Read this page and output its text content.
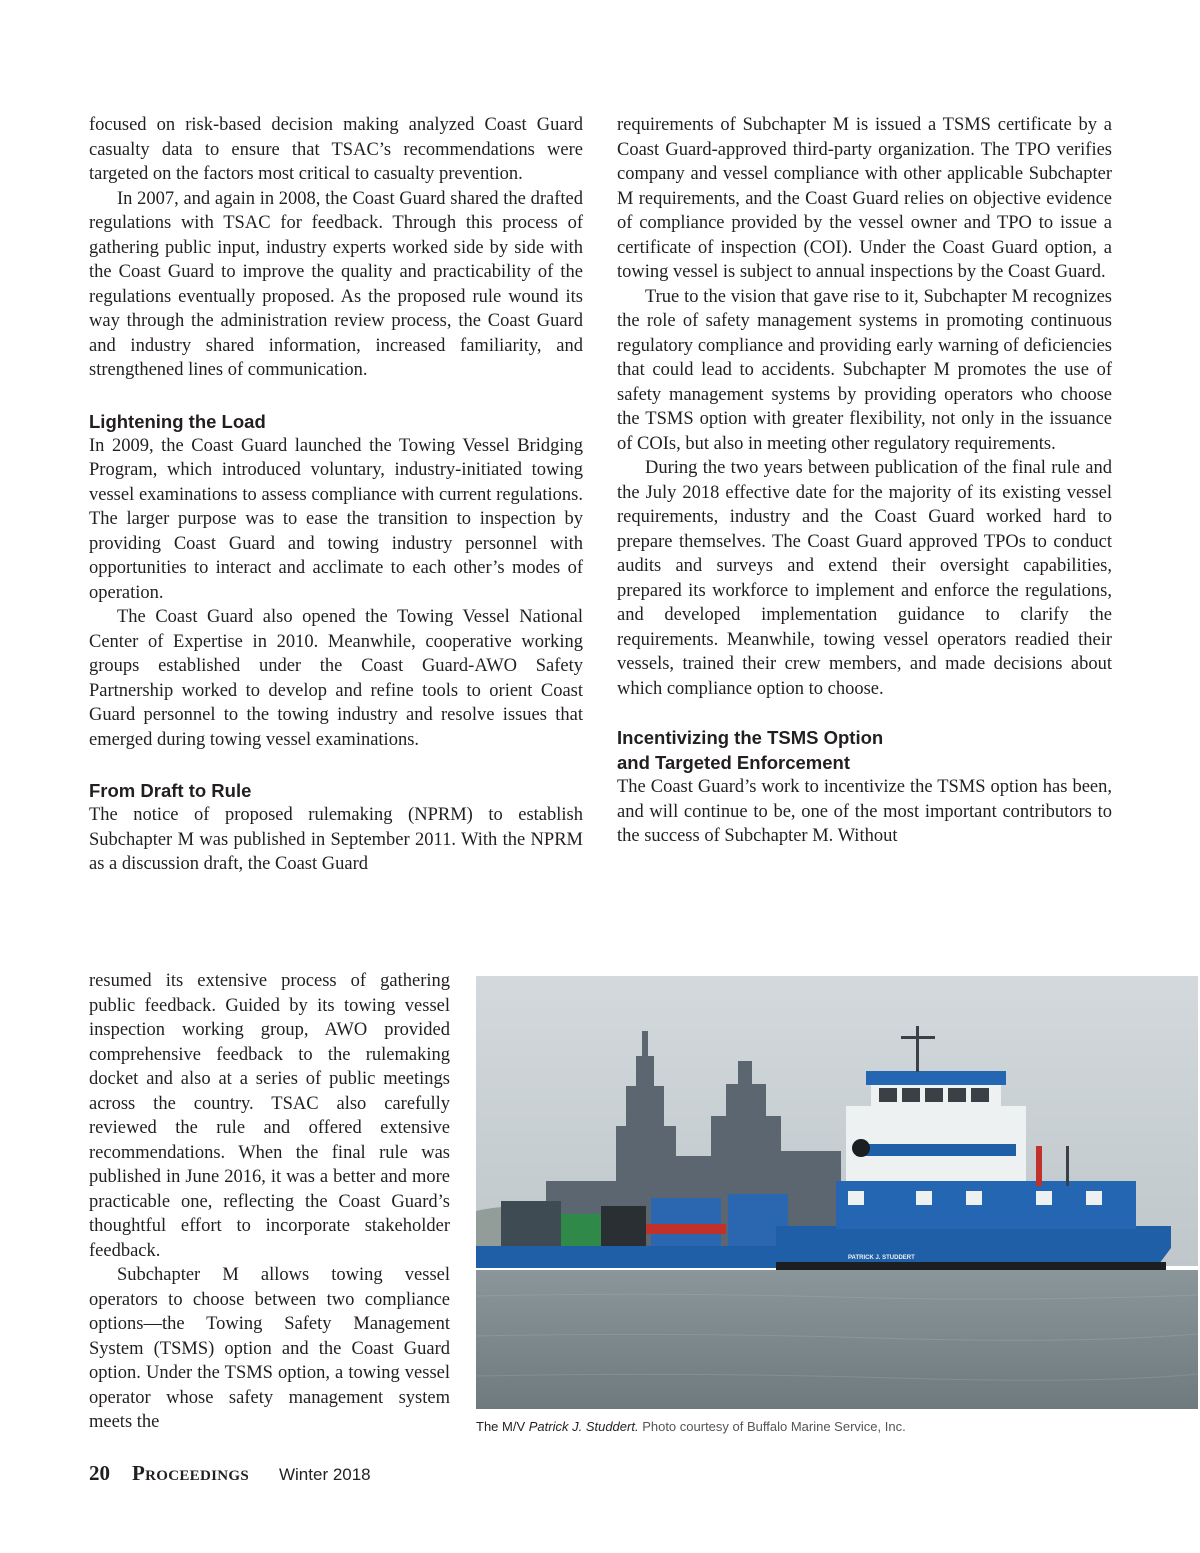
focused on risk-based decision making analyzed Coast Guard casualty data to ensure that TSAC’s recommendations were targeted on the factors most critical to casualty prevention.

In 2007, and again in 2008, the Coast Guard shared the drafted regulations with TSAC for feedback. Through this process of gathering public input, industry experts worked side by side with the Coast Guard to improve the quality and practicability of the regulations eventually proposed. As the proposed rule wound its way through the administration review process, the Coast Guard and industry shared information, increased familiarity, and strengthened lines of communication.

Lightening the Load

In 2009, the Coast Guard launched the Towing Vessel Bridging Program, which introduced voluntary, industry-initiated towing vessel examinations to assess compliance with current regulations. The larger purpose was to ease the transition to inspection by providing Coast Guard and towing industry personnel with opportunities to interact and acclimate to each other’s modes of operation.

The Coast Guard also opened the Towing Vessel National Center of Expertise in 2010. Meanwhile, cooperative working groups established under the Coast Guard-AWO Safety Partnership worked to develop and refine tools to orient Coast Guard personnel to the towing industry and resolve issues that emerged during towing vessel examinations.

From Draft to Rule

The notice of proposed rulemaking (NPRM) to establish Subchapter M was published in September 2011. With the NPRM as a discussion draft, the Coast Guard

resumed its extensive process of gathering public feedback. Guided by its towing vessel inspection working group, AWO provided comprehensive feedback to the rulemaking docket and also at a series of public meetings across the country. TSAC also carefully reviewed the rule and offered extensive recommendations. When the final rule was published in June 2016, it was a better and more practicable one, reflecting the Coast Guard’s thoughtful effort to incorporate stakeholder feedback.

Subchapter M allows towing vessel operators to choose between two compliance options—the Towing Safety Management System (TSMS) option and the Coast Guard option. Under the TSMS option, a towing vessel operator whose safety management system meets the

requirements of Subchapter M is issued a TSMS certificate by a Coast Guard-approved third-party organization. The TPO verifies company and vessel compliance with other applicable Subchapter M requirements, and the Coast Guard relies on objective evidence of compliance provided by the vessel owner and TPO to issue a certificate of inspection (COI). Under the Coast Guard option, a towing vessel is subject to annual inspections by the Coast Guard.

True to the vision that gave rise to it, Subchapter M recognizes the role of safety management systems in promoting continuous regulatory compliance and providing early warning of deficiencies that could lead to accidents. Subchapter M promotes the use of safety management systems by providing operators who choose the TSMS option with greater flexibility, not only in the issuance of COIs, but also in meeting other regulatory requirements.

During the two years between publication of the final rule and the July 2018 effective date for the majority of its existing vessel requirements, industry and the Coast Guard worked hard to prepare themselves. The Coast Guard approved TPOs to conduct audits and surveys and extend their oversight capabilities, prepared its workforce to implement and enforce the regulations, and developed implementation guidance to clarify the requirements. Meanwhile, towing vessel operators readied their vessels, trained their crew members, and made decisions about which compliance option to choose.

Incentivizing the TSMS Option
and Targeted Enforcement

The Coast Guard’s work to incentivize the TSMS option has been, and will continue to be, one of the most important contributors to the success of Subchapter M. Without

PATRICK J. STUDDERT
The M/V Patrick J. Studdert. Photo courtesy of Buffalo Marine Service, Inc.
20 Proceedings Winter 2018
